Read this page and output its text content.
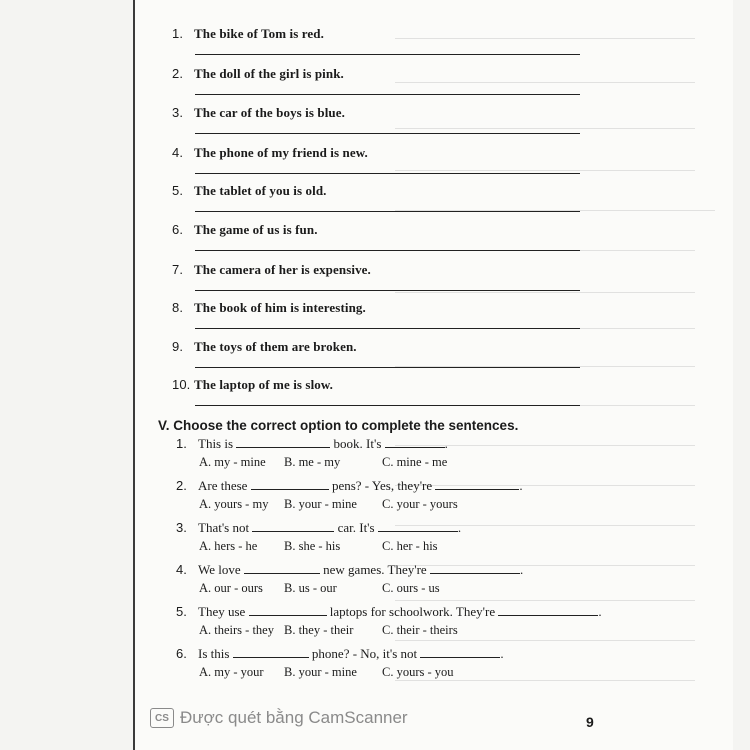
1. The bike of Tom is red.
2. The doll of the girl is pink.
3. The car of the boys is blue.
4. The phone of my friend is new.
5. The tablet of you is old.
6. The game of us is fun.
7. The camera of her is expensive.
8. The book of him is interesting.
9. The toys of them are broken.
10. The laptop of me is slow.
V. Choose the correct option to complete the sentences.
1. This is	book. It's	.
A. my - mine B. me - my	C. mine - me
2. Are these	pens? - Yes, they're	.
A. yours - my B. your - mine C. your - yours
3. That's not	car. It's	.
A. hers - he B. she - his	C. her - his
4. We love	new games. They're	.
A. our - ours B. us - our	C. ours - us
5. They use	laptops for schoolwork. They're	.
A. theirs - they B. they - their C. their - theirs
6. Is this	phone? - No, it's not	.
A. my - your B. your - mine C. yours - you
CS Được quét bằng CamScanner	9
